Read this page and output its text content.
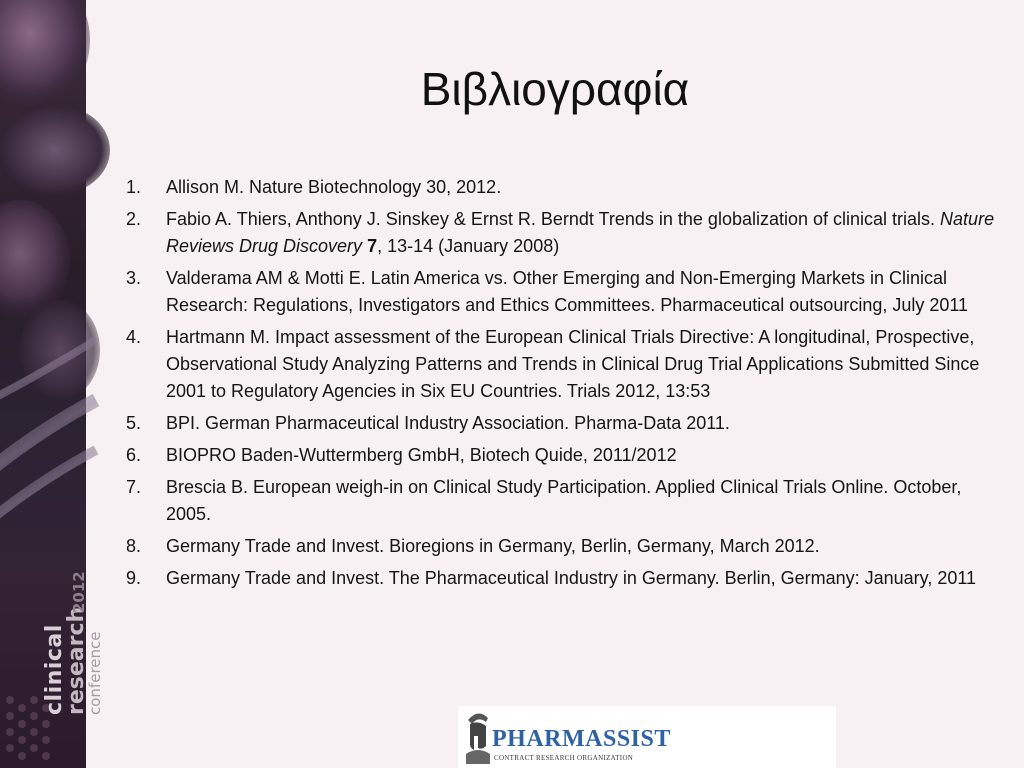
clinical
research
conference
2012
Βιβλιογραφία
1. Allison M. Nature Biotechnology 30, 2012.
2. Fabio A. Thiers, Anthony J. Sinskey & Ernst R. Berndt Trends in the globalization of clinical trials. Nature Reviews Drug Discovery 7, 13-14 (January 2008)
3. Valderama AM & Motti E. Latin America vs. Other Emerging and Non-Emerging Markets in Clinical Research: Regulations, Investigators and Ethics Committees. Pharmaceutical outsourcing, July 2011
4. Hartmann M. Impact assessment of the European Clinical Trials Directive: A longitudinal, Prospective, Observational Study Analyzing Patterns and Trends in Clinical Drug Trial Applications Submitted Since 2001 to Regulatory Agencies in Six EU Countries. Trials 2012, 13:53
5. BPI. German Pharmaceutical Industry Association. Pharma-Data 2011.
6. BIOPRO Baden-Wuttermberg GmbH, Biotech Quide, 2011/2012
7. Brescia B. European weigh-in on Clinical Study Participation. Applied Clinical Trials Online. October, 2005.
8. Germany Trade and Invest. Bioregions in Germany, Berlin, Germany, March 2012.
9. Germany Trade and Invest. The Pharmaceutical Industry in Germany. Berlin, Germany: January, 2011
PHARMASSIST
CONTRACT RESEARCH ORGANIZATION
